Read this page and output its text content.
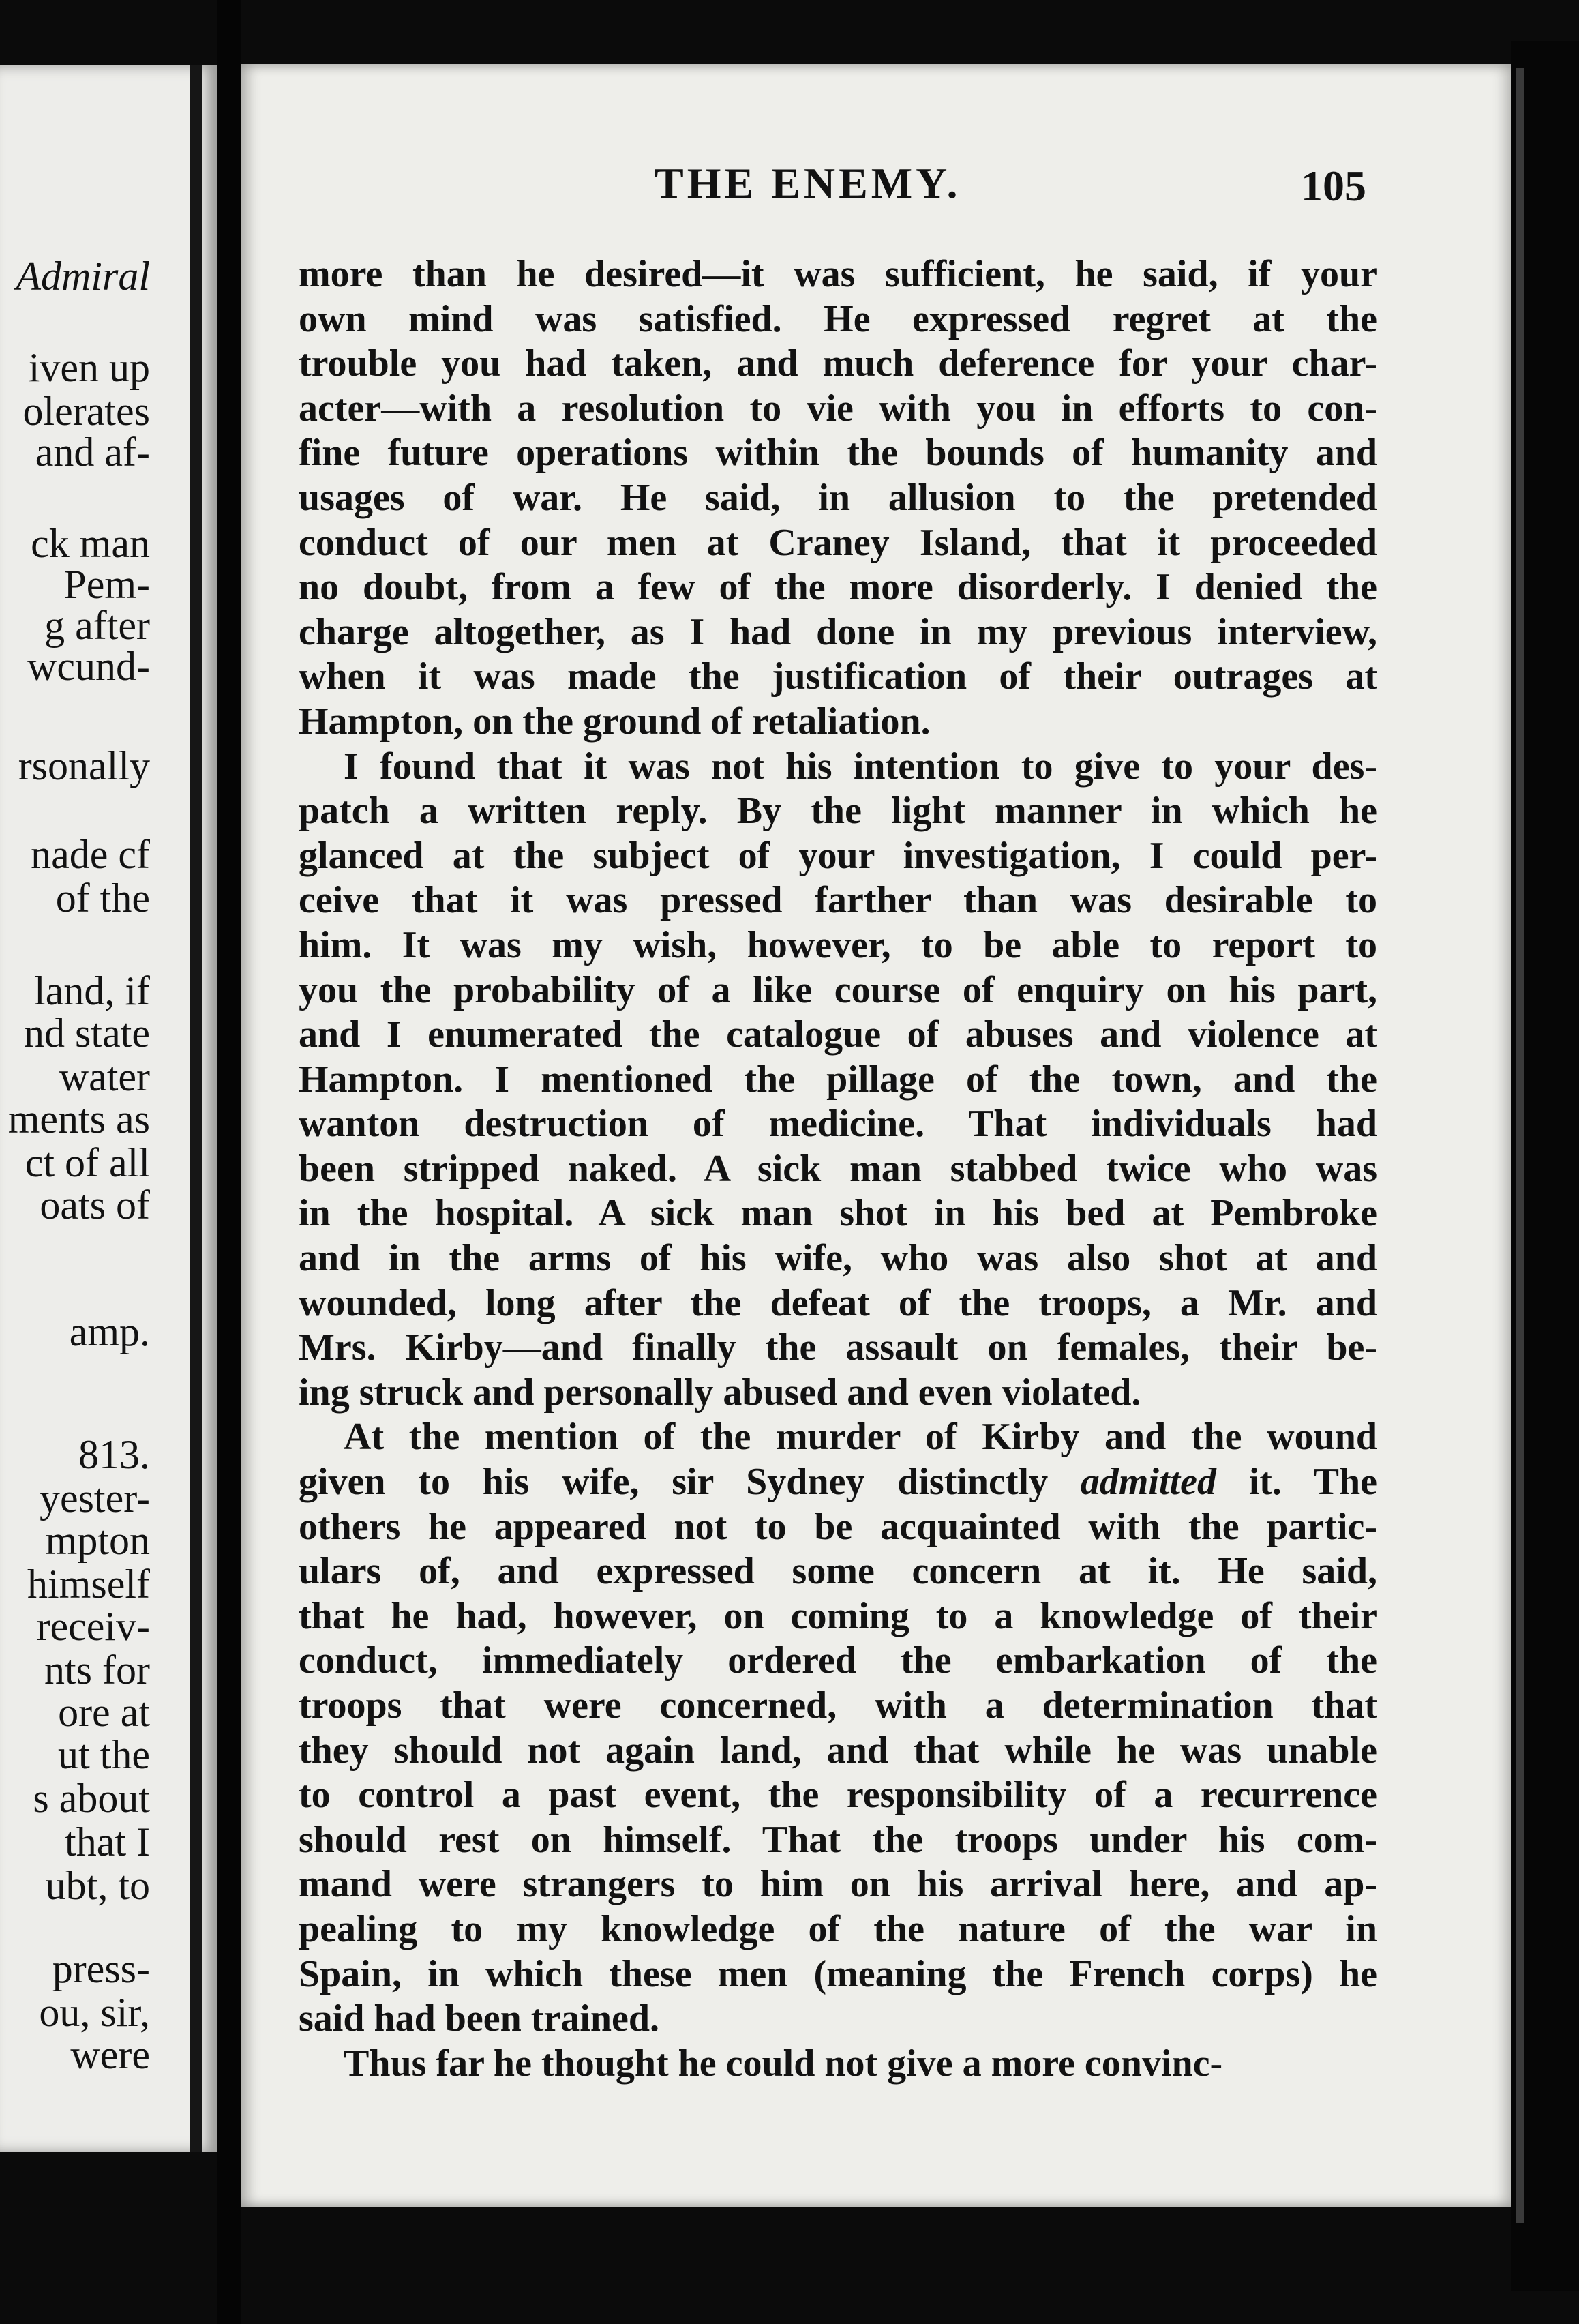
Admiral
iven up
olerates
and af-
ck man
Pem-
g after
wcund-
rsonally
nade cf
of the
land, if
nd state
water
ments as
ct of all
oats of
amp.
813.
yester-
mpton
himself
receiv-
nts for
ore at
ut the
s about
that I
ubt, to
press-
ou, sir,
were
THE ENEMY.	105
more than he desired—it was sufficient, he said, if your
own mind was satisfied. He expressed regret at the
trouble you had taken, and much deference for your char-
acter—with a resolution to vie with you in efforts to con-
fine future operations within the bounds of humanity and
usages of war. He said, in allusion to the pretended
conduct of our men at Craney Island, that it proceeded
no doubt, from a few of the more disorderly. I denied the
charge altogether, as I had done in my previous interview,
when it was made the justification of their outrages at
Hampton, on the ground of retaliation.
I found that it was not his intention to give to your des-
patch a written reply. By the light manner in which he
glanced at the subject of your investigation, I could per-
ceive that it was pressed farther than was desirable to
him. It was my wish, however, to be able to report to
you the probability of a like course of enquiry on his part,
and I enumerated the catalogue of abuses and violence at
Hampton. I mentioned the pillage of the town, and the
wanton destruction of medicine. That individuals had
been stripped naked. A sick man stabbed twice who was
in the hospital. A sick man shot in his bed at Pembroke
and in the arms of his wife, who was also shot at and
wounded, long after the defeat of the troops, a Mr. and
Mrs. Kirby—and finally the assault on females, their be-
ing struck and personally abused and even violated.
At the mention of the murder of Kirby and the wound
given to his wife, sir Sydney distinctly admitted it. The
others he appeared not to be acquainted with the partic-
ulars of, and expressed some concern at it. He said,
that he had, however, on coming to a knowledge of their
conduct, immediately ordered the embarkation of the
troops that were concerned, with a determination that
they should not again land, and that while he was unable
to control a past event, the responsibility of a recurrence
should rest on himself. That the troops under his com-
mand were strangers to him on his arrival here, and ap-
pealing to my knowledge of the nature of the war in
Spain, in which these men (meaning the French corps) he
said had been trained.
Thus far he thought he could not give a more convinc-
